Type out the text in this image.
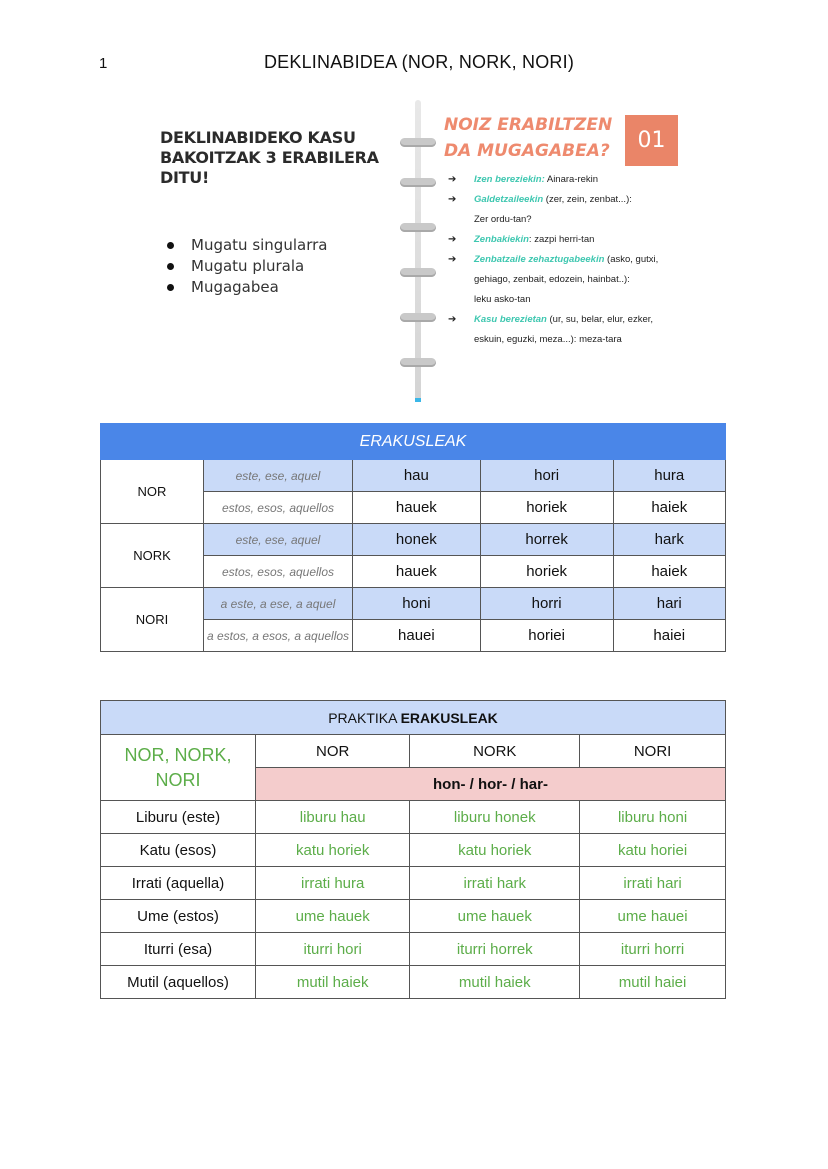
1	DEKLINABIDEA (NOR, NORK, NORI)
DEKLINABIDEKO KASU BAKOITZAK 3 ERABILERA DITU!
Mugatu singularra
Mugatu plurala
Mugagabea
NOIZ ERABILTZEN DA MUGAGABEA?	01
➔ Izen bereziekin: Ainara-rekin
➔ Galdetzaileekin (zer, zein, zenbat...):
Zer ordu-tan?
➔ Zenbakiekin: zazpi herri-tan
➔ Zenbatzaile zehaztugabeekin (asko, gutxi,
gehiago, zenbait, edozein, hainbat..):
leku asko-tan
➔ Kasu berezietan (ur, su, belar, elur, ezker,
eskuin, eguzki, meza...): meza-tara
ERAKUSLEAK				
NOR	este, ese, aquel	hau	hori	hura
	estos, esos, aquellos	hauek	horiek	haiek
NORK	este, ese, aquel	honek	horrek	hark
	estos, esos, aquellos	hauek	horiek	haiek
NORI	a este, a ese, a aquel	honi	horri	hari
	a estos, a esos, a aquellos	hauei	horiei	haiei
PRAKTIKA ERAKUSLEAK			

NOR, NORK,
NORI	NOR	NORK	NORI
	hon- / hor- / har-		
Liburu (este)	liburu hau	liburu honek	liburu honi
Katu (esos)	katu horiek	katu horiek	katu horiei
Irrati (aquella)	irrati hura	irrati hark	irrati hari
Ume (estos)	ume hauek	ume hauek	ume hauei
Iturri (esa)	iturri hori	iturri horrek	iturri horri
Mutil (aquellos)	mutil haiek	mutil haiek	mutil haiei
